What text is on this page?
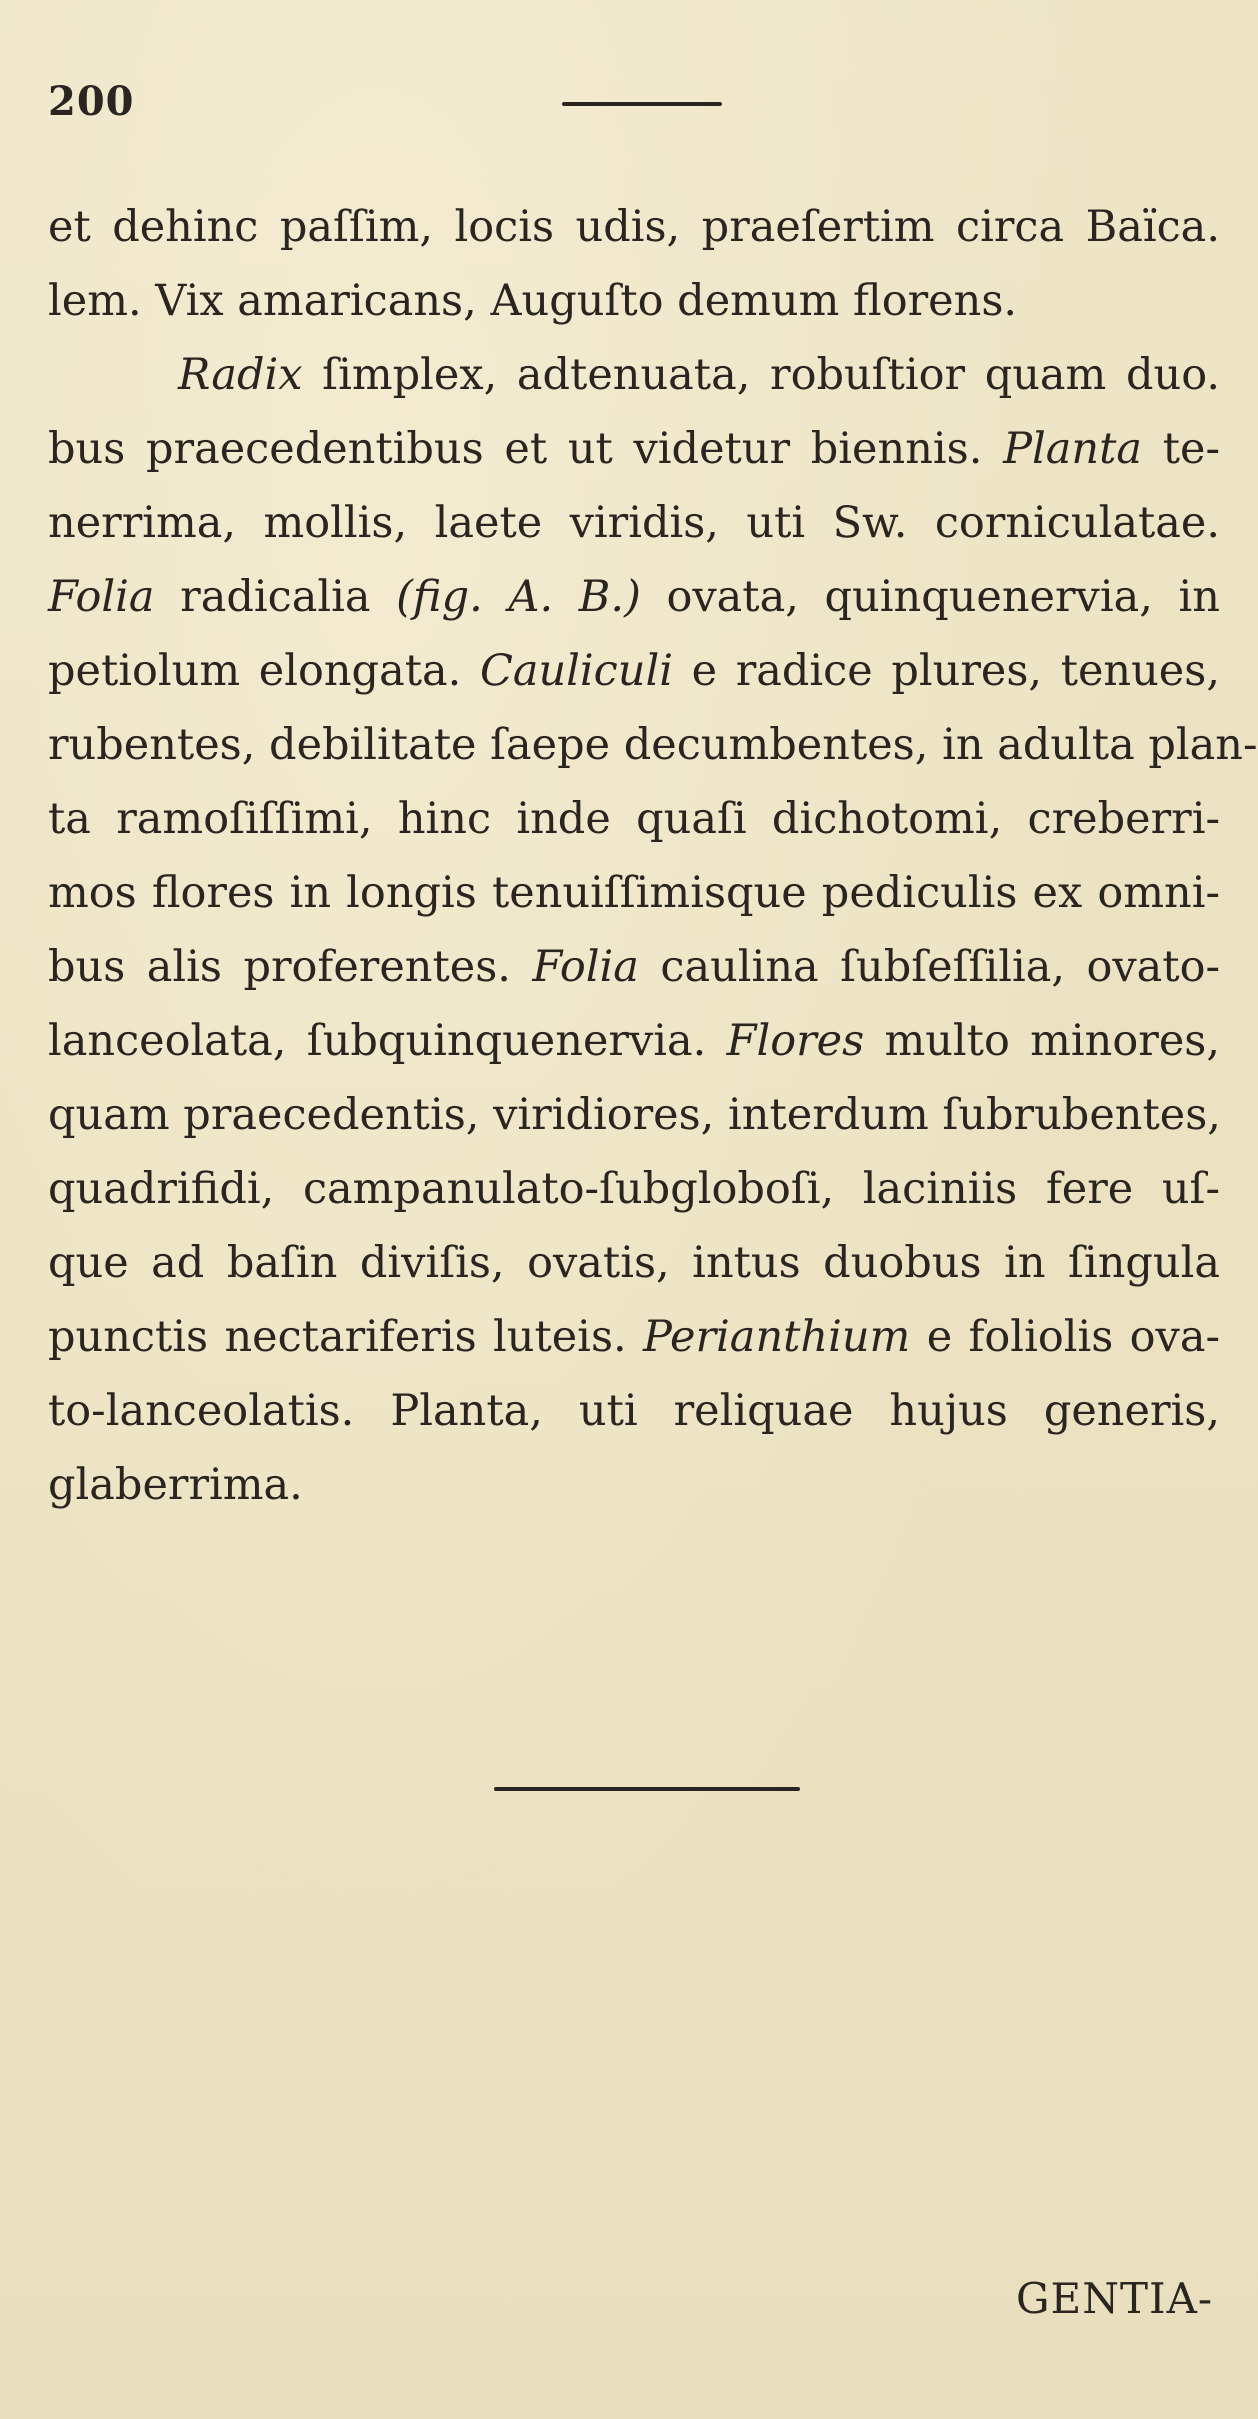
200
et dehinc paſſim, locis udis, praeſertim circa Baïca.
lem. Vix amaricans, Auguſto demum florens.
Radix ſimplex, adtenuata, robuſtior quam duo.
bus praecedentibus et ut videtur biennis. Planta te-
nerrima, mollis, laete viridis, uti Sw. corniculatae.
Folia radicalia (fig. A. B.) ovata, quinquenervia, in
petiolum elongata. Cauliculi e radice plures, tenues,
rubentes, debilitate ſaepe decumbentes, in adulta plan-
ta ramoſiſſimi, hinc inde quaſi dichotomi, creberri-
mos flores in longis tenuiſſimisque pediculis ex omni-
bus alis proferentes. Folia caulina ſubſeſſilia, ovato-
lanceolata, ſubquinquenervia. Flores multo minores,
quam praecedentis, viridiores, interdum ſubrubentes,
quadrifidi, campanulato-ſubgloboſi, laciniis fere uſ-
que ad baſin diviſis, ovatis, intus duobus in ſingula
punctis nectariferis luteis. Perianthium e foliolis ova-
to-lanceolatis. Planta, uti reliquae hujus generis,
glaberrima.
GENTIA-
